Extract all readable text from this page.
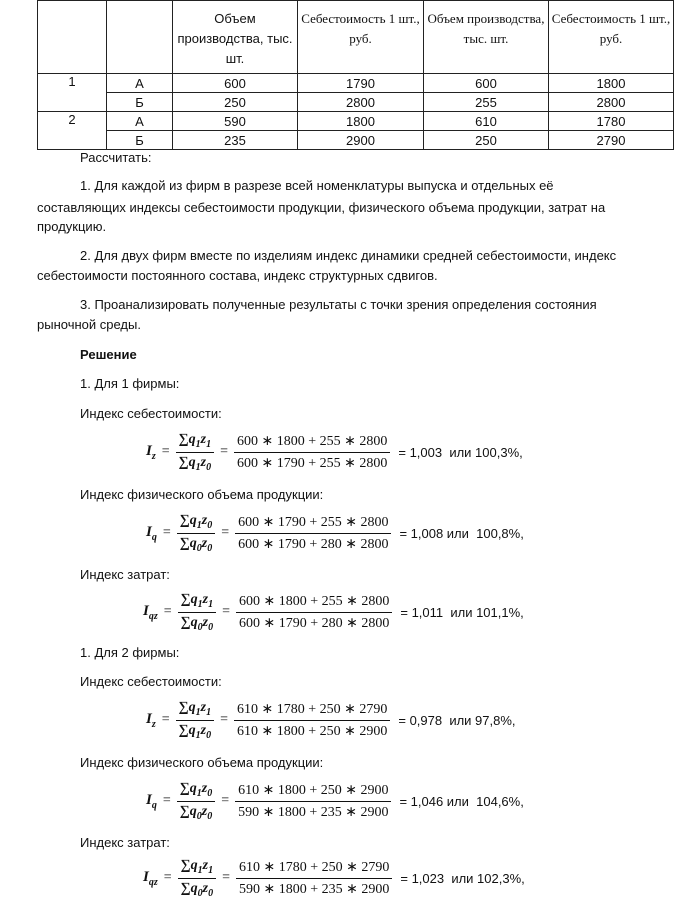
		Объем производства, тыс. шт.	Себестоимость 1 шт., руб.	Объем производства, тыс. шт.	Себестоимость 1 шт., руб.
1	А	600	1790	600	1800
	Б	250	2800	255	2800
2	А	590	1800	610	1780
	Б	235	2900	250	2790
Рассчитать:
1. Для каждой из фирм в разрезе всей номенклатуры выпуска и отдельных её
составляющих индексы себестоимости продукции, физического объема продукции, затрат на
продукцию.
2. Для двух фирм вместе по изделиям индекс динамики средней себестоимости, индекс
себестоимости постоянного состава, индекс структурных сдвигов.
3. Проанализировать полученные результаты с точки зрения определения состояния
рыночной среды.
Решение
1. Для 1 фирмы:
Индекс себестоимости:
$I_z = \frac{\sum q_1z_1}{\sum q_1z_0} = \frac{600 ∗ 1800 + 255 ∗ 2800}{600 ∗ 1790 + 255 ∗ 2800} = 1,003$  или 100,3%,
Индекс физического объема продукции:
$I_q = \frac{\sum q_1z_0}{\sum q_0z_0} = \frac{600 ∗ 1790 + 255 ∗ 2800}{600 ∗ 1790 + 280 ∗ 2800} = 1,008$ или  100,8%,
Индекс затрат:
$I_{qz} = \frac{\sum q_1z_1}{\sum q_0z_0} = \frac{600 ∗ 1800 + 255 ∗ 2800}{600 ∗ 1790 + 280 ∗ 2800} = 1,011$  или 101,1%,
1. Для 2 фирмы:
Индекс себестоимости:
$I_z = \frac{\sum q_1z_1}{\sum q_1z_0} = \frac{610 ∗ 1780 + 250 ∗ 2790}{610 ∗ 1800 + 250 ∗ 2900} = 0,978$  или 97,8%,
Индекс физического объема продукции:
$I_q = \frac{\sum q_1z_0}{\sum q_0z_0} = \frac{610 ∗ 1800 + 250 ∗ 2900}{590 ∗ 1800 + 235 ∗ 2900} = 1,046$ или  104,6%,
Индекс затрат:
$I_{qz} = \frac{\sum q_1z_1}{\sum q_0z_0} = \frac{610 ∗ 1780 + 250 ∗ 2790}{590 ∗ 1800 + 235 ∗ 2900} = 1,023$  или 102,3%,
